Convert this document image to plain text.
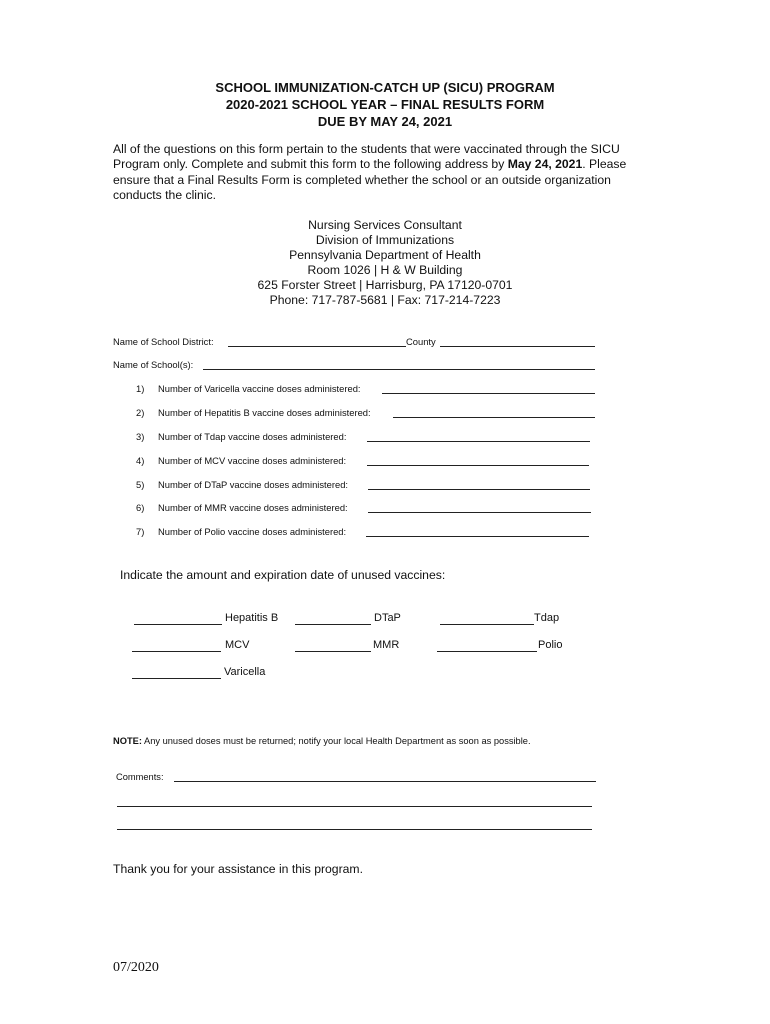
SCHOOL IMMUNIZATION-CATCH UP (SICU) PROGRAM
2020-2021 SCHOOL YEAR – FINAL RESULTS FORM
DUE BY MAY 24, 2021
All of the questions on this form pertain to the students that were vaccinated through the SICU Program only. Complete and submit this form to the following address by May 24, 2021. Please ensure that a Final Results Form is completed whether the school or an outside organization conducts the clinic.
Nursing Services Consultant
Division of Immunizations
Pennsylvania Department of Health
Room 1026 | H & W Building
625 Forster Street | Harrisburg, PA 17120-0701
Phone: 717-787-5681 | Fax: 717-214-7223
Name of School District:	County
Name of School(s):
1) Number of Varicella vaccine doses administered:
2) Number of Hepatitis B vaccine doses administered:
3) Number of Tdap vaccine doses administered:
4) Number of MCV vaccine doses administered:
5) Number of DTaP vaccine doses administered:
6) Number of MMR vaccine doses administered:
7) Number of Polio vaccine doses administered:
Indicate the amount and expiration date of unused vaccines:
Hepatitis B	DTaP	Tdap
MCV	MMR	Polio
Varicella
NOTE: Any unused doses must be returned; notify your local Health Department as soon as possible.
Comments:
Thank you for your assistance in this program.
07/2020
